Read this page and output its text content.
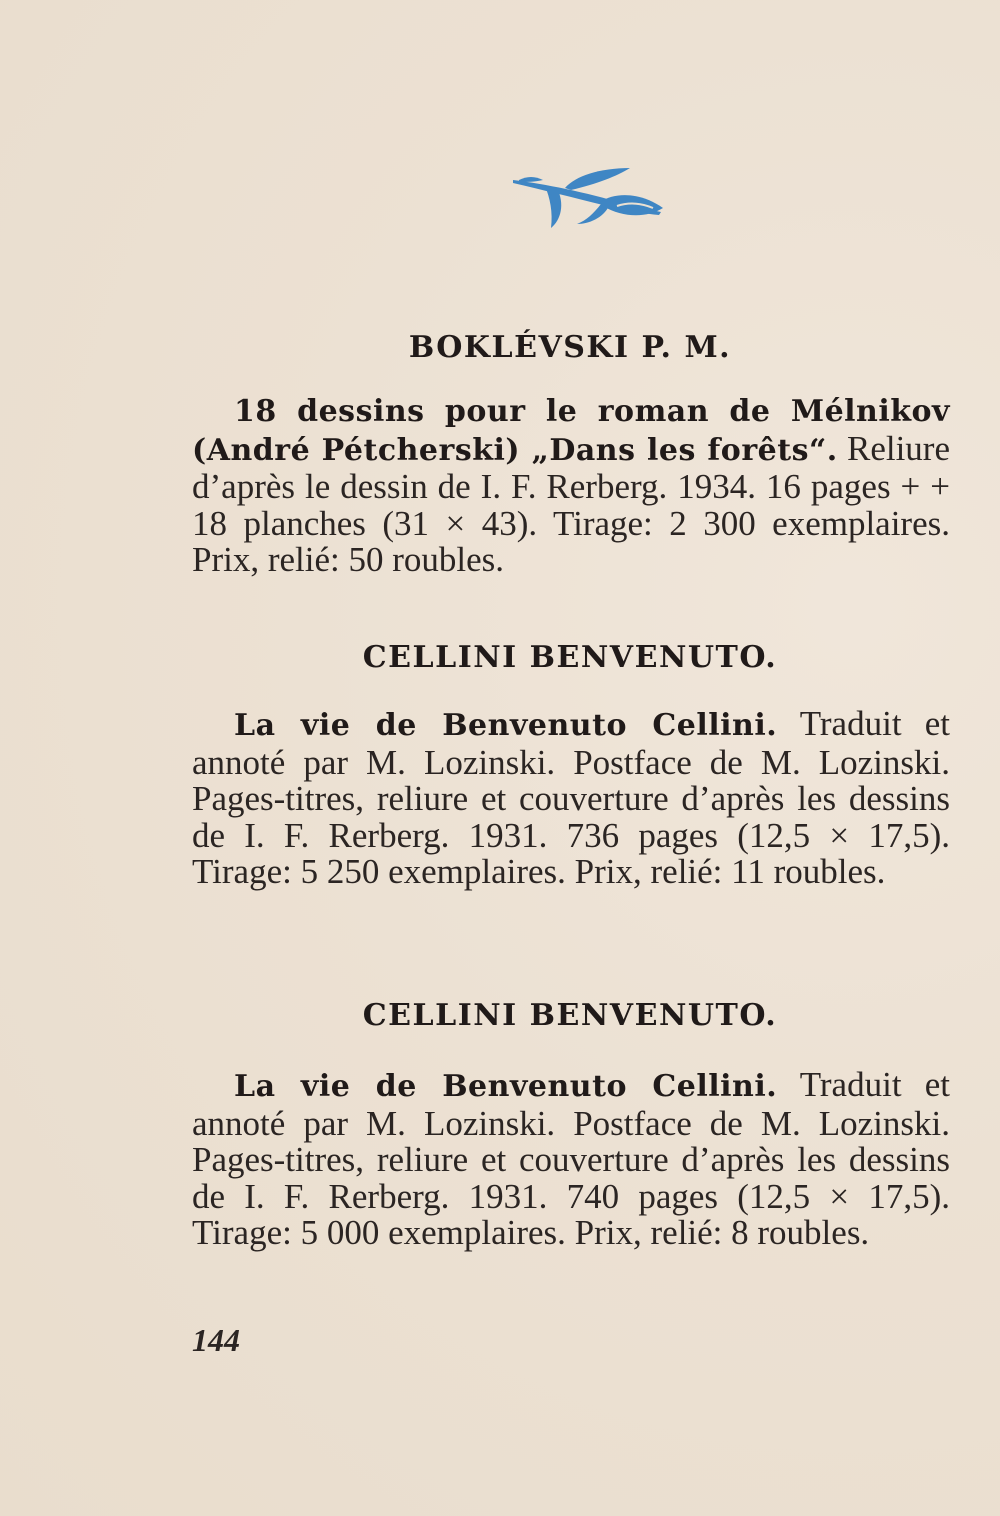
BOKLÉVSKI P. M.
18 dessins pour le roman de Mélnikov (André Pétcherski) „Dans les forêts“. Reliure d’après le dessin de I. F. Rerberg. 1934. 16 pages + + 18 planches (31 × 43). Tirage: 2 300 exemplaires. Prix, relié: 50 roubles.
CELLINI BENVENUTO.
La vie de Benvenuto Cellini. Traduit et annoté par M. Lozinski. Postface de M. Lozinski. Pages-titres, reliure et couverture d’après les dessins de I. F. Rerberg. 1931. 736 pages (12,5 × 17,5). Tirage: 5 250 exemplaires. Prix, relié: 11 roubles.
CELLINI BENVENUTO.
La vie de Benvenuto Cellini. Traduit et annoté par M. Lozinski. Postface de M. Lozinski. Pages-titres, reliure et couverture d’après les dessins de I. F. Rerberg. 1931. 740 pages (12,5 × 17,5). Tirage: 5 000 exemplaires. Prix, relié: 8 roubles.
144
